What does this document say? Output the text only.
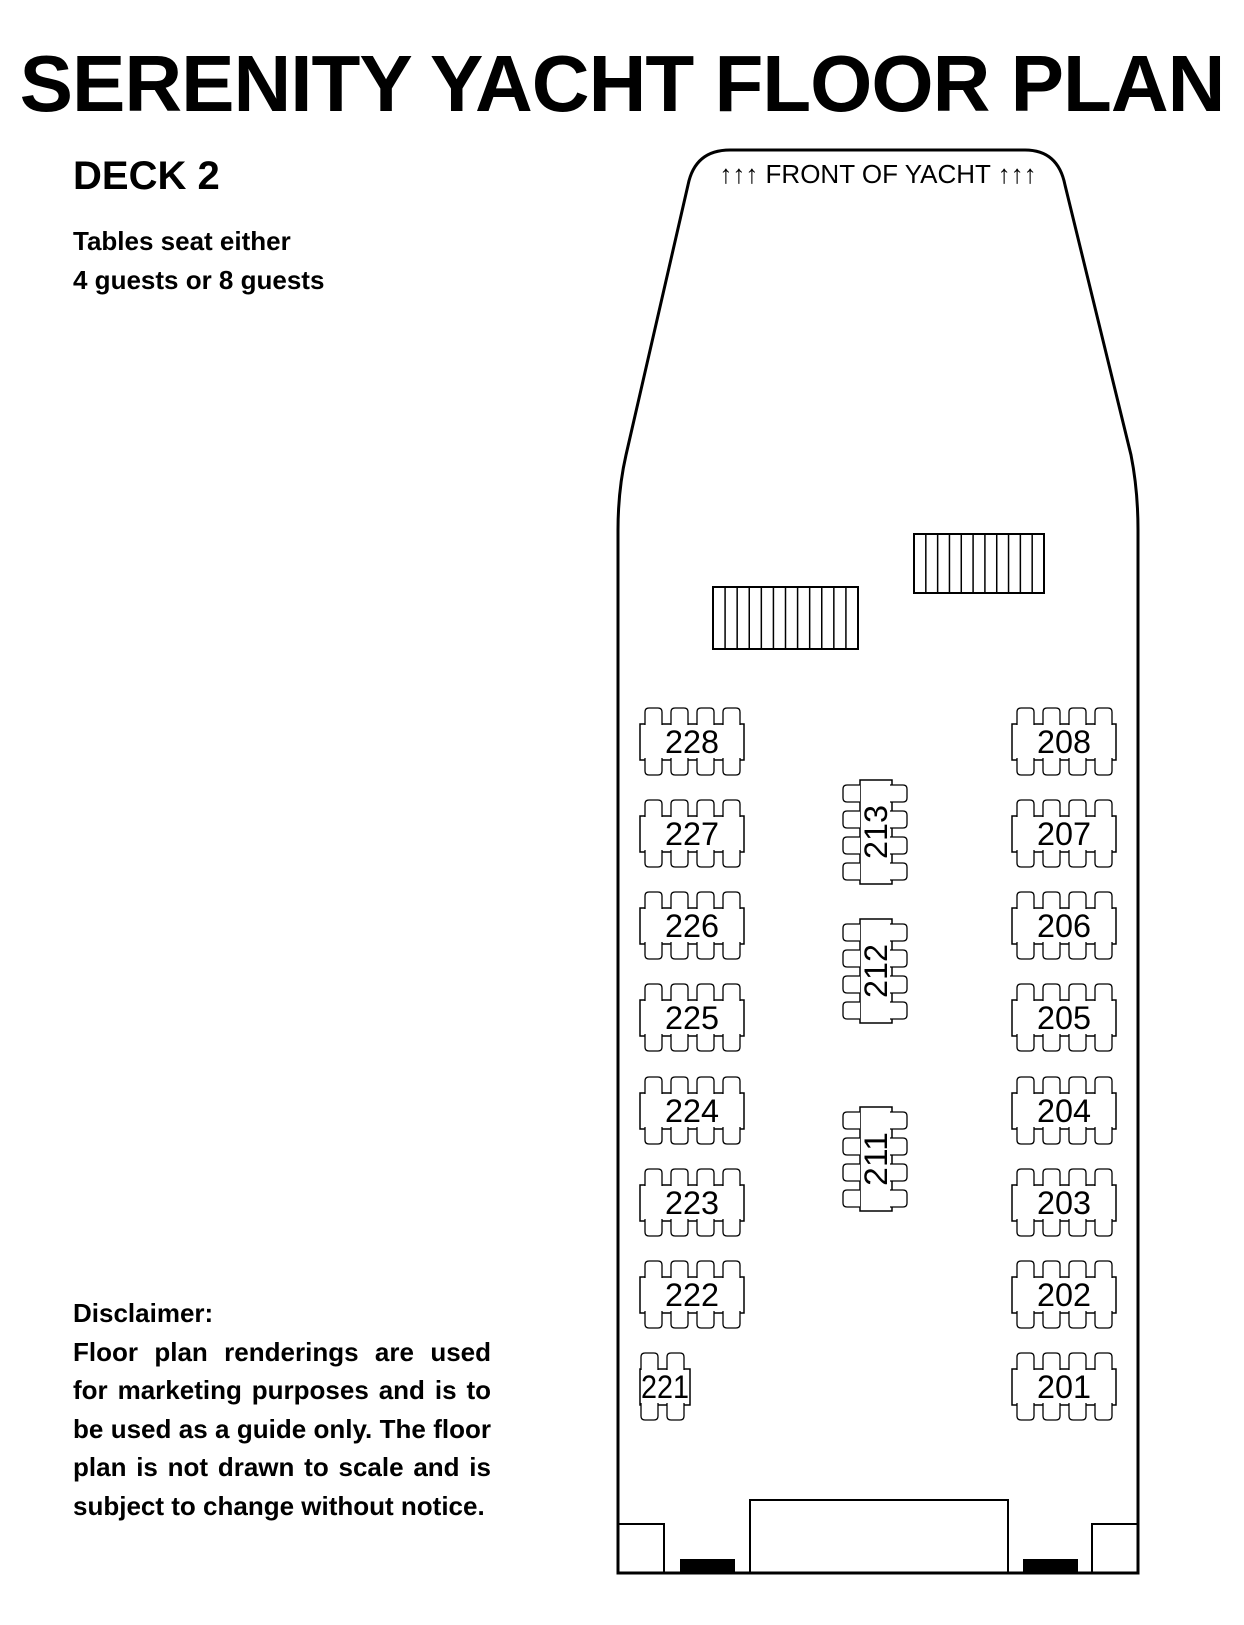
SERENITY YACHT FLOOR PLAN
DECK 2
Tables seat either
4 guests or 8 guests
Disclaimer:
Floor plan renderings are used for marketing purposes and is to be used as a guide only. The floor plan is not drawn to scale and is subject to change without notice.
↑↑↑ FRONT OF YACHT ↑↑↑
228
227
226
225
224
223
222
221
208
207
206
205
204
203
202
201
213
212
211
